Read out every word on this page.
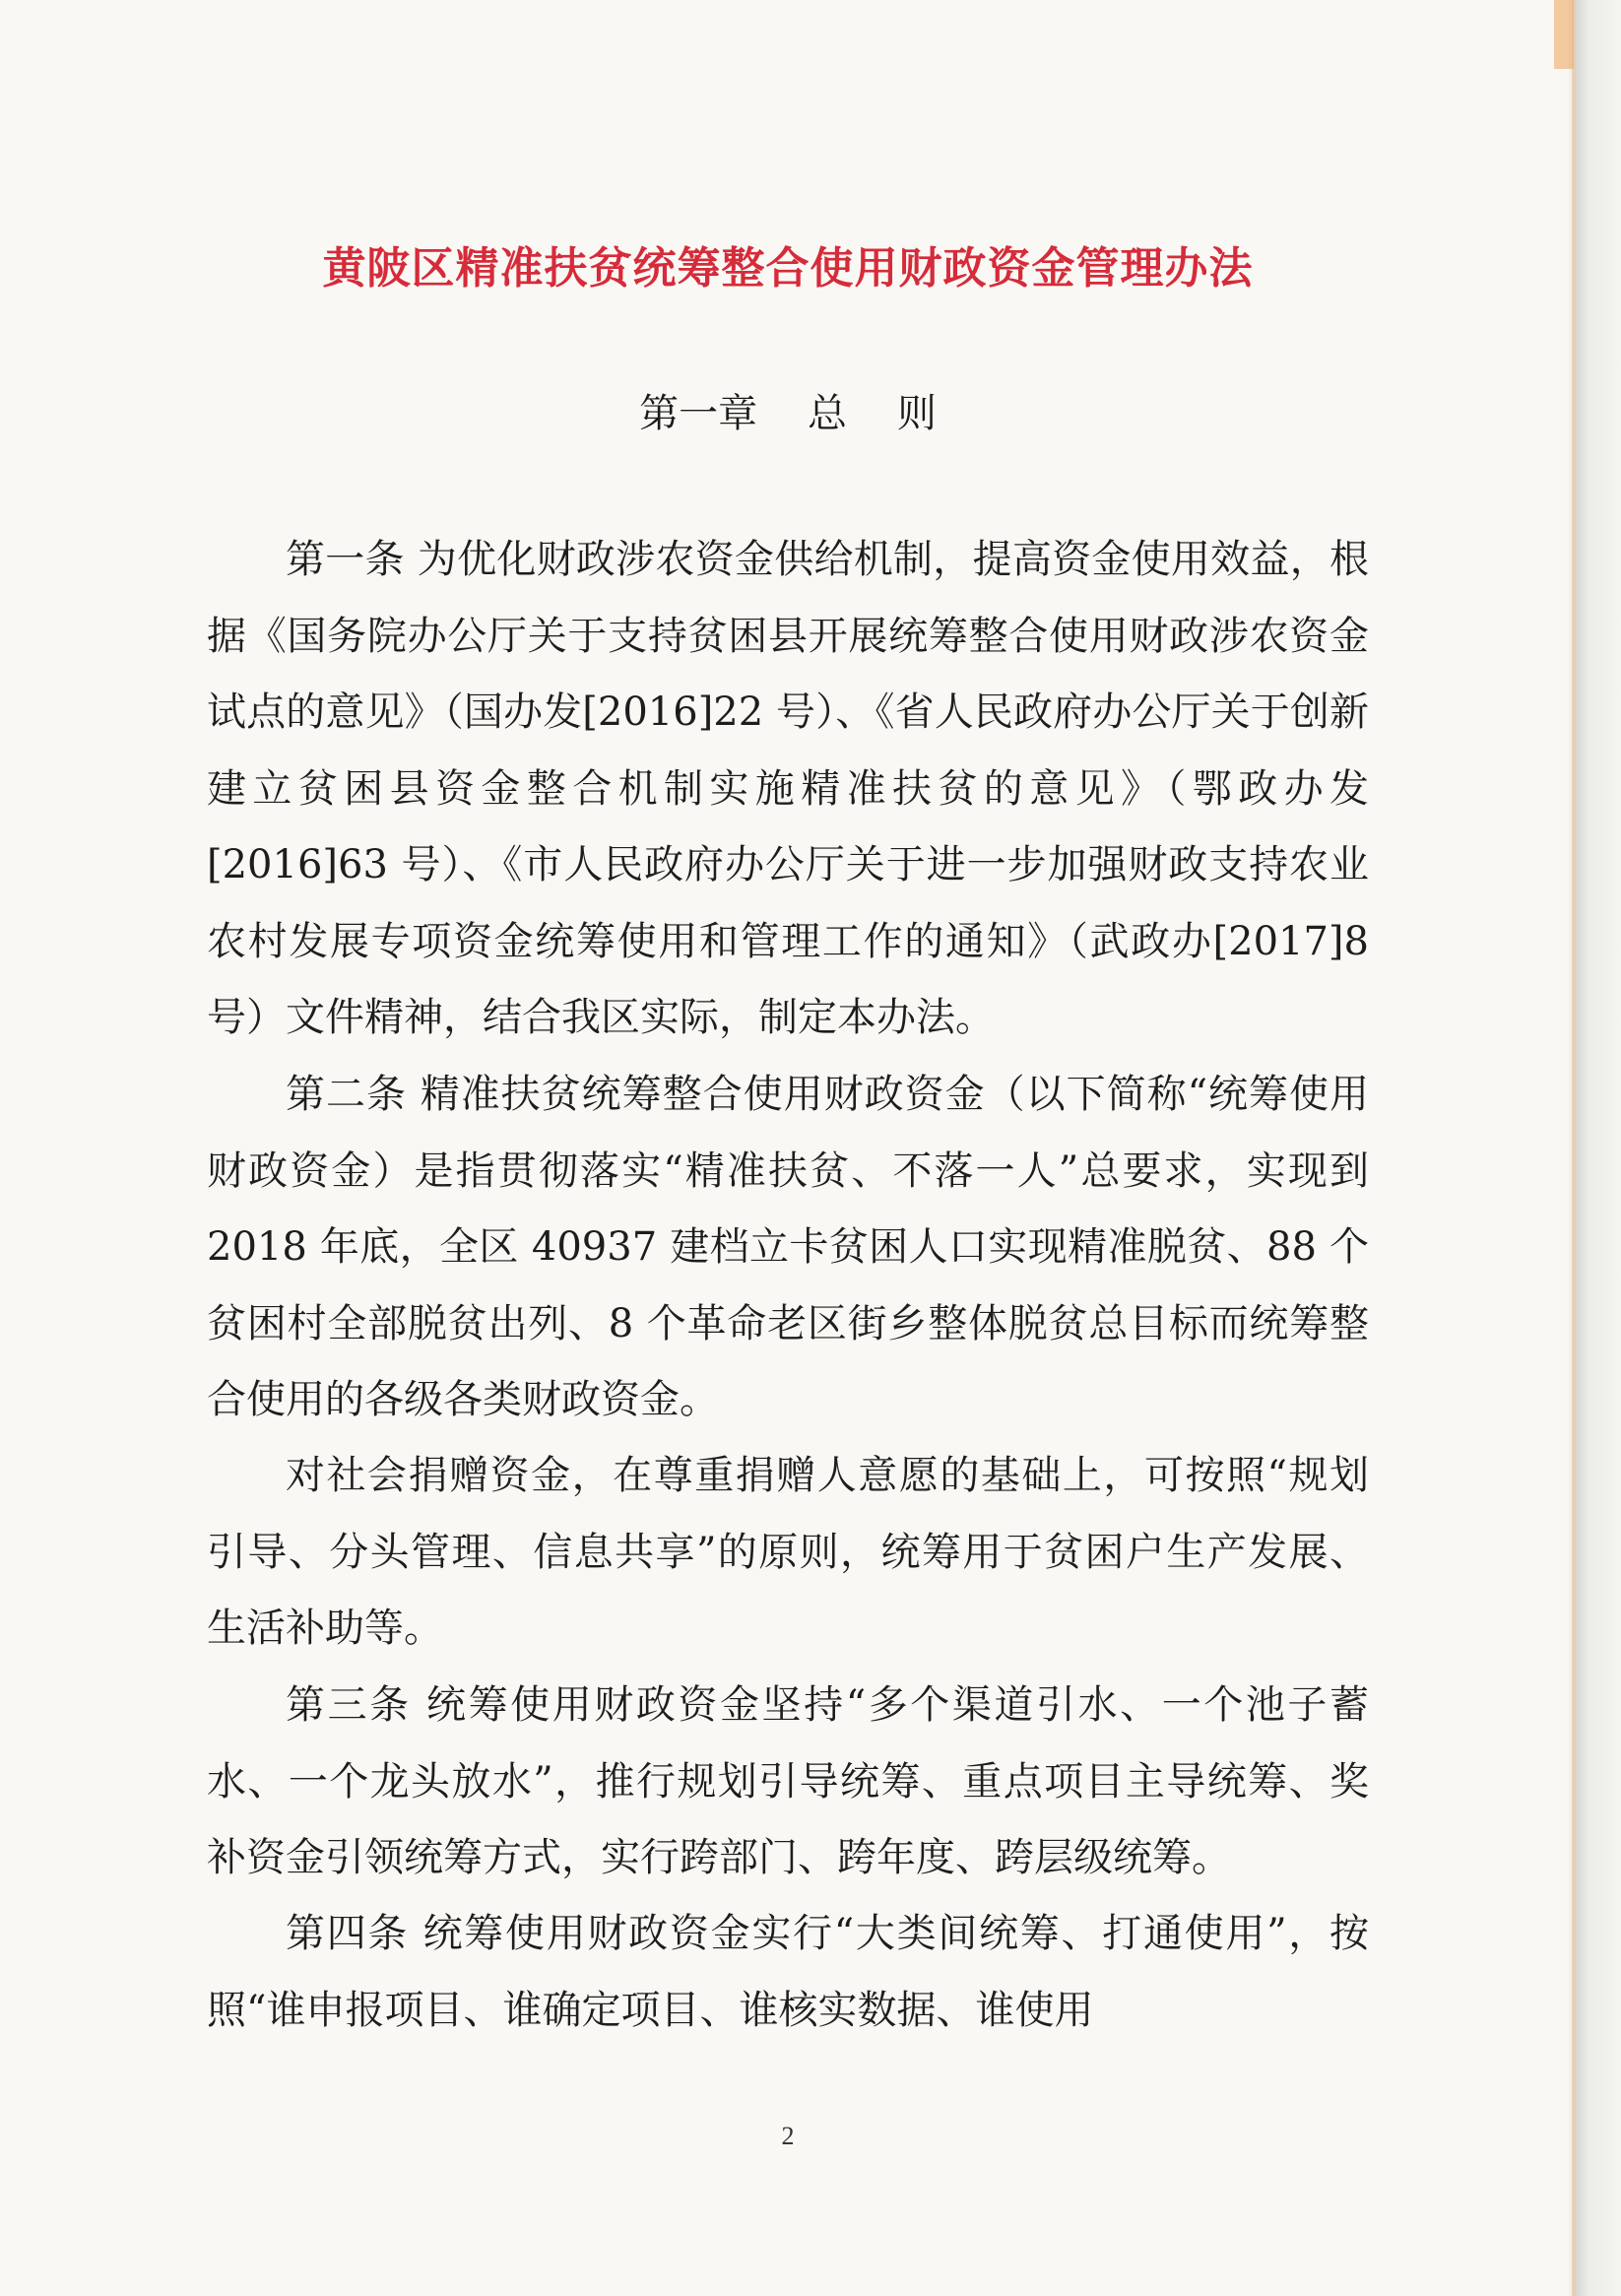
黄陂区精准扶贫统筹整合使用财政资金管理办法
第一章    总    则

第一条 为优化财政涉农资金供给机制，提高资金使用效益，根据《国务院办公厅关于支持贫困县开展统筹整合使用财政涉农资金试点的意见》（国办发[2016]22 号）、《省人民政府办公厅关于创新建立贫困县资金整合机制实施精准扶贫的意见》（鄂政办发[2016]63 号）、《市人民政府办公厅关于进一步加强财政支持农业农村发展专项资金统筹使用和管理工作的通知》（武政办[2017]8 号）文件精神，结合我区实际，制定本办法。

第二条 精准扶贫统筹整合使用财政资金（以下简称“统筹使用财政资金）是指贯彻落实“精准扶贫、不落一人”总要求，实现到 2018 年底，全区 40937 建档立卡贫困人口实现精准脱贫、88 个贫困村全部脱贫出列、8 个革命老区街乡整体脱贫总目标而统筹整合使用的各级各类财政资金。

对社会捐赠资金，在尊重捐赠人意愿的基础上，可按照“规划引导、分头管理、信息共享”的原则，统筹用于贫困户生产发展、生活补助等。

第三条 统筹使用财政资金坚持“多个渠道引水、一个池子蓄水、一个龙头放水”，推行规划引导统筹、重点项目主导统筹、奖补资金引领统筹方式，实行跨部门、跨年度、跨层级统筹。

第四条 统筹使用财政资金实行“大类间统筹、打通使用”，按照“谁申报项目、谁确定项目、谁核实数据、谁使用

2
